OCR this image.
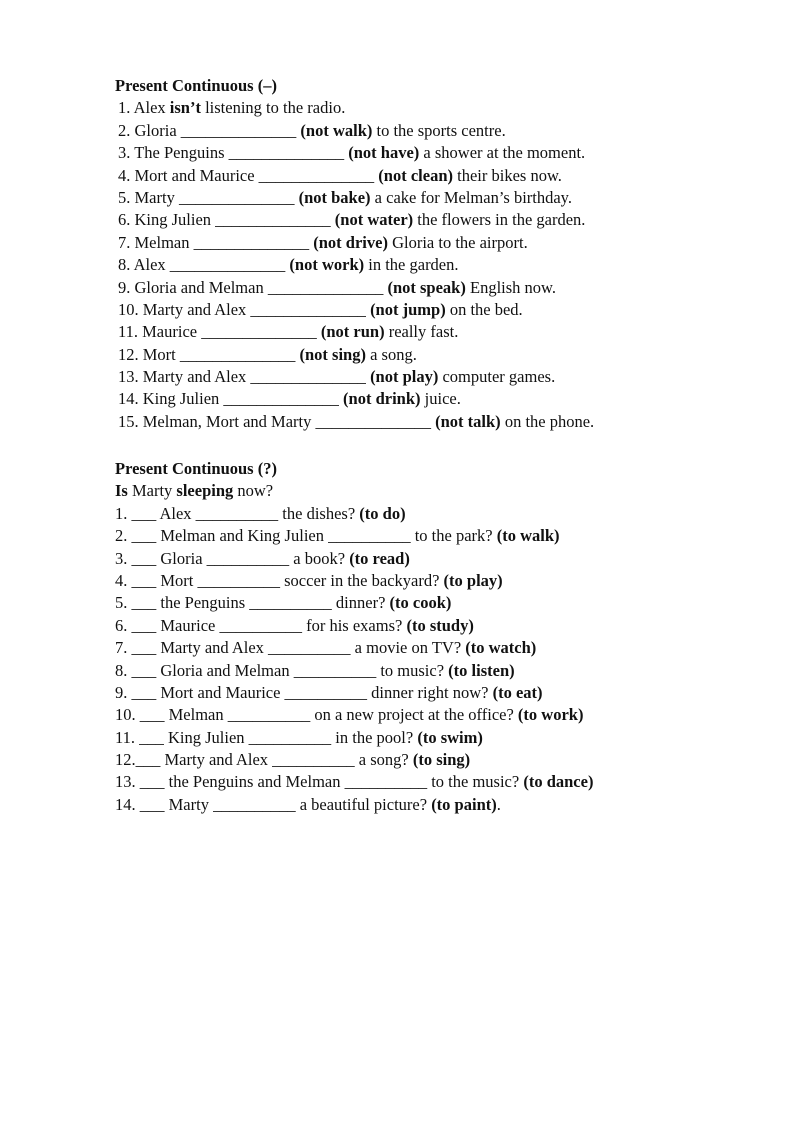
Present Continuous (–)
1. Alex isn’t listening to the radio.
2. Gloria ______________ (not walk) to the sports centre.
3. The Penguins ______________ (not have) a shower at the moment.
4. Mort and Maurice ______________ (not clean) their bikes now.
5. Marty ______________ (not bake) a cake for Melman’s birthday.
6. King Julien ______________ (not water) the flowers in the garden.
7. Melman ______________ (not drive) Gloria to the airport.
8. Alex ______________ (not work) in the garden.
9. Gloria and Melman ______________ (not speak) English now.
10. Marty and Alex ______________ (not jump) on the bed.
11. Maurice ______________ (not run) really fast.
12. Mort ______________ (not sing) a song.
13. Marty and Alex ______________ (not play) computer games.
14. King Julien ______________ (not drink) juice.
15. Melman, Mort and Marty ______________ (not talk) on the phone.
Present Continuous (?)
Is Marty sleeping now?
1. ___ Alex __________ the dishes? (to do)
2. ___ Melman and King Julien __________ to the park? (to walk)
3. ___ Gloria __________ a book? (to read)
4. ___ Mort __________ soccer in the backyard? (to play)
5. ___ the Penguins __________ dinner? (to cook)
6. ___ Maurice __________ for his exams? (to study)
7. ___ Marty and Alex __________ a movie on TV? (to watch)
8. ___ Gloria and Melman __________ to music? (to listen)
9. ___ Mort and Maurice __________ dinner right now? (to eat)
10. ___ Melman __________ on a new project at the office? (to work)
11. ___ King Julien __________ in the pool? (to swim)
12.___ Marty and Alex __________ a song? (to sing)
13. ___ the Penguins and Melman __________ to the music? (to dance)
14. ___ Marty __________ a beautiful picture? (to paint).
